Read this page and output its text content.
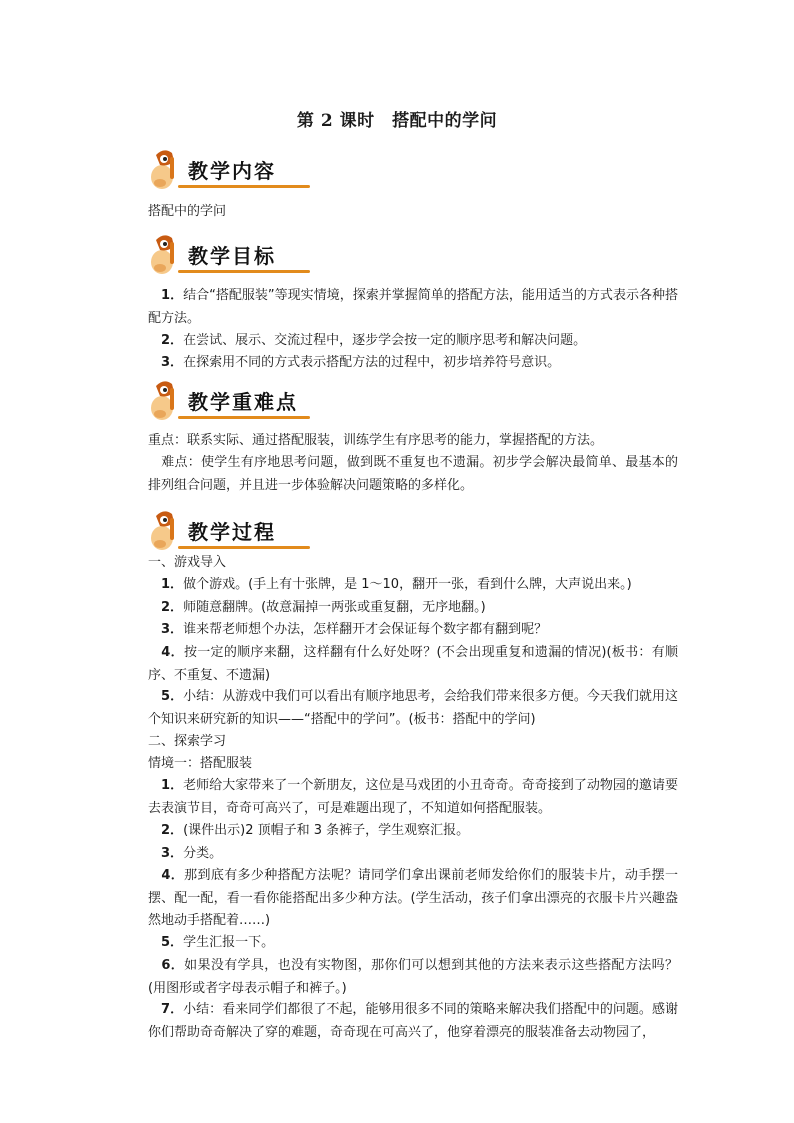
第 2 课时　搭配中的学问
教学内容

搭配中的学问

教学目标

　1．结合“搭配服装”等现实情境，探索并掌握简单的搭配方法，能用适当的方式表示各种搭配方法。

　2．在尝试、展示、交流过程中，逐步学会按一定的顺序思考和解决问题。

　3．在探索用不同的方式表示搭配方法的过程中，初步培养符号意识。

教学重难点

重点：联系实际、通过搭配服装，训练学生有序思考的能力，掌握搭配的方法。

　难点：使学生有序地思考问题，做到既不重复也不遗漏。初步学会解决最简单、最基本的排列组合问题，并且进一步体验解决问题策略的多样化。

教学过程

一、游戏导入

　1．做个游戏。(手上有十张牌，是 1～10，翻开一张，看到什么牌，大声说出来。)

　2．师随意翻牌。(故意漏掉一两张或重复翻，无序地翻。)

　3．谁来帮老师想个办法，怎样翻开才会保证每个数字都有翻到呢？

　4．按一定的顺序来翻，这样翻有什么好处呀？(不会出现重复和遗漏的情况)(板书：有顺序、不重复、不遗漏)

　5．小结：从游戏中我们可以看出有顺序地思考，会给我们带来很多方便。今天我们就用这个知识来研究新的知识——“搭配中的学问”。(板书：搭配中的学问)

二、探索学习

情境一：搭配服装

　1．老师给大家带来了一个新朋友，这位是马戏团的小丑奇奇。奇奇接到了动物园的邀请要去表演节目，奇奇可高兴了，可是难题出现了，不知道如何搭配服装。

　2．(课件出示)2 顶帽子和 3 条裤子，学生观察汇报。

　3．分类。

　4．那到底有多少种搭配方法呢？请同学们拿出课前老师发给你们的服装卡片，动手摆一摆、配一配，看一看你能搭配出多少种方法。(学生活动，孩子们拿出漂亮的衣服卡片兴趣盎然地动手搭配着……)

　5．学生汇报一下。

　6．如果没有学具，也没有实物图，那你们可以想到其他的方法来表示这些搭配方法吗？(用图形或者字母表示帽子和裤子。)

　7．小结：看来同学们都很了不起，能够用很多不同的策略来解决我们搭配中的问题。感谢你们帮助奇奇解决了穿的难题，奇奇现在可高兴了，他穿着漂亮的服装准备去动物园了，
